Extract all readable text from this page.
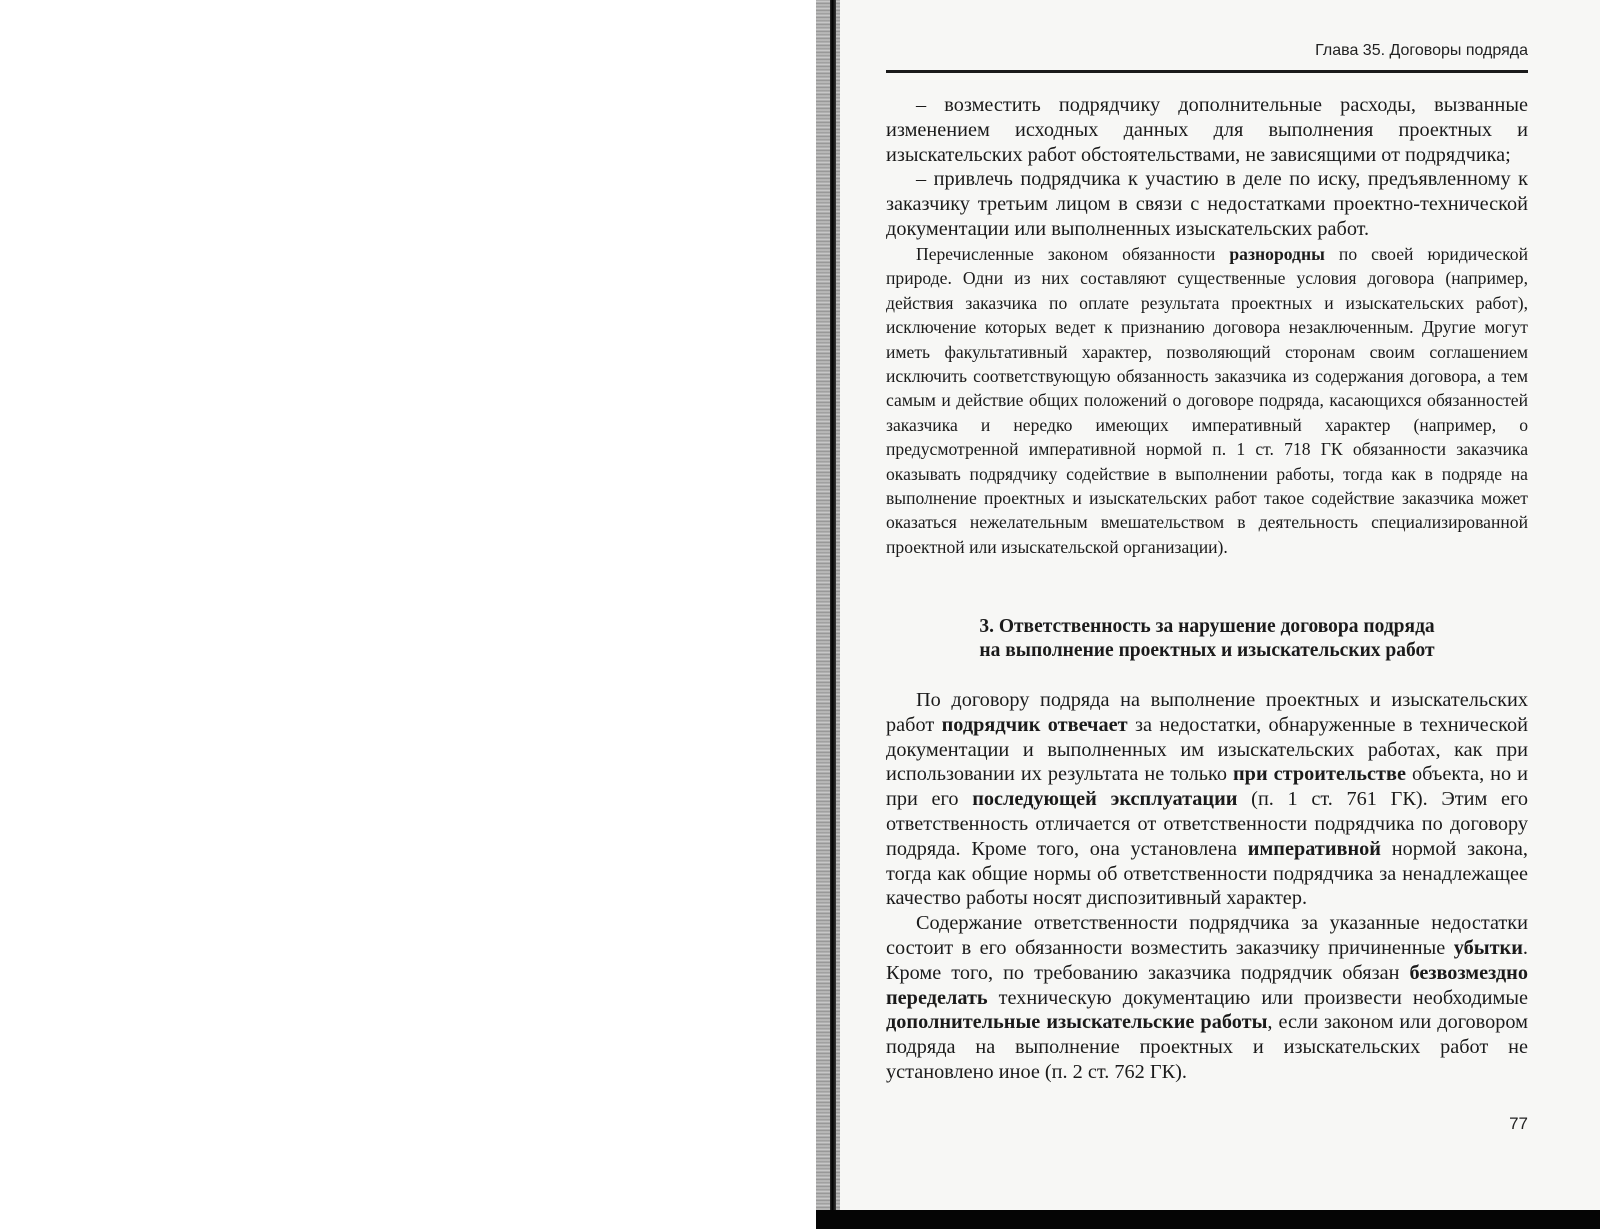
Глава 35. Договоры подряда

– возместить подрядчику дополнительные расходы, вызванные изменением исходных данных для выполнения проектных и изыскательских работ обстоятельствами, не зависящими от подрядчика;

– привлечь подрядчика к участию в деле по иску, предъявленному к заказчику третьим лицом в связи с недостатками проектно-технической документации или выполненных изыскательских работ.

Перечисленные законом обязанности разнородны по своей юридической природе. Одни из них составляют существенные условия договора (например, действия заказчика по оплате результата проектных и изыскательских работ), исключение которых ведет к признанию договора незаключенным. Другие могут иметь факультативный характер, позволяющий сторонам своим соглашением исключить соответствующую обязанность заказчика из содержания договора, а тем самым и действие общих положений о договоре подряда, касающихся обязанностей заказчика и нередко имеющих императивный характер (например, о предусмотренной императивной нормой п. 1 ст. 718 ГК обязанности заказчика оказывать подрядчику содействие в выполнении работы, тогда как в подряде на выполнение проектных и изыскательских работ такое содействие заказчика может оказаться нежелательным вмешательством в деятельность специализированной проектной или изыскательской организации).

3. Ответственность за нарушение договора подряда
на выполнение проектных и изыскательских работ

По договору подряда на выполнение проектных и изыскательских работ подрядчик отвечает за недостатки, обнаруженные в технической документации и выполненных им изыскательских работах, как при использовании их результата не только при строительстве объекта, но и при его последующей эксплуатации (п. 1 ст. 761 ГК). Этим его ответственность отличается от ответственности подрядчика по договору подряда. Кроме того, она установлена императивной нормой закона, тогда как общие нормы об ответственности подрядчика за ненадлежащее качество работы носят диспозитивный характер.

Содержание ответственности подрядчика за указанные недостатки состоит в его обязанности возместить заказчику причиненные убытки. Кроме того, по требованию заказчика подрядчик обязан безвозмездно переделать техническую документацию или произвести необходимые дополнительные изыскательские работы, если законом или договором подряда на выполнение проектных и изыскательских работ не установлено иное (п. 2 ст. 762 ГК).

77
